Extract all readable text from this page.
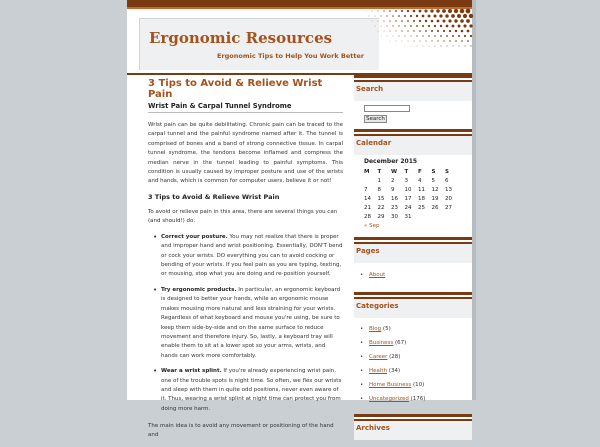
Ergonomic Resources
Ergonomic Tips to Help You Work Better
3 Tips to Avoid & Relieve Wrist Pain
Wrist Pain & Carpal Tunnel Syndrome

Wrist pain can be quite debilitating. Chronic pain can be traced to the carpal tunnel and the painful syndrome named after it. The tunnel is comprised of bones and a band of strong connective tissue. In carpal tunnel syndrome, the tendons become inflamed and compress the median nerve in the tunnel leading to painful symptoms. This condition is usually caused by improper posture and use of the wrists and hands, which is common for computer users, believe it or not!

3 Tips to Avoid & Relieve Wrist Pain

To avoid or relieve pain in this area, there are several things you can (and should!) do:

• Correct your posture. You may not realize that there is proper and improper hand and wrist positioning. Essentially, DON'T bend or cock your wrists. DO everything you can to avoid cocking or bending of your wrists. If you feel pain as you are typing, texting, or mousing, stop what you are doing and re-position yourself.
• Try ergonomic products. In particular, an ergonomic keyboard is designed to better your hands, while an ergonomic mouse makes mousing more natural and less straining for your wrists. Regardless of what keyboard and mouse you're using, be sure to keep them side-by-side and on the same surface to reduce movement and therefore injury. So, lastly, a keyboard tray will enable them to sit at a lower spot so your arms, wrists, and hands can work more comfortably.
• Wear a wrist splint. If you're already experiencing wrist pain, one of the trouble spots is night time. So often, we flex our wrists and sleep with them in quite odd positions, never even aware of it. Thus, wearing a wrist splint at night time can protect you from doing more harm.

The main idea is to avoid any movement or positioning of the hand and

Search
Search
Calendar
December 2015
M	T	W	T	F	S	S
	1	2	3	4	5	6
7	8	9	10	11	12	13
14	15	16	17	18	19	20
21	22	23	24	25	26	27
28	29	30	31			
« Sep
Pages
• About
Categories
• Blog (5)
• Business (67)
• Career (28)
• Health (34)
• Home Business (10)
• Uncategorized (176)
Archives
